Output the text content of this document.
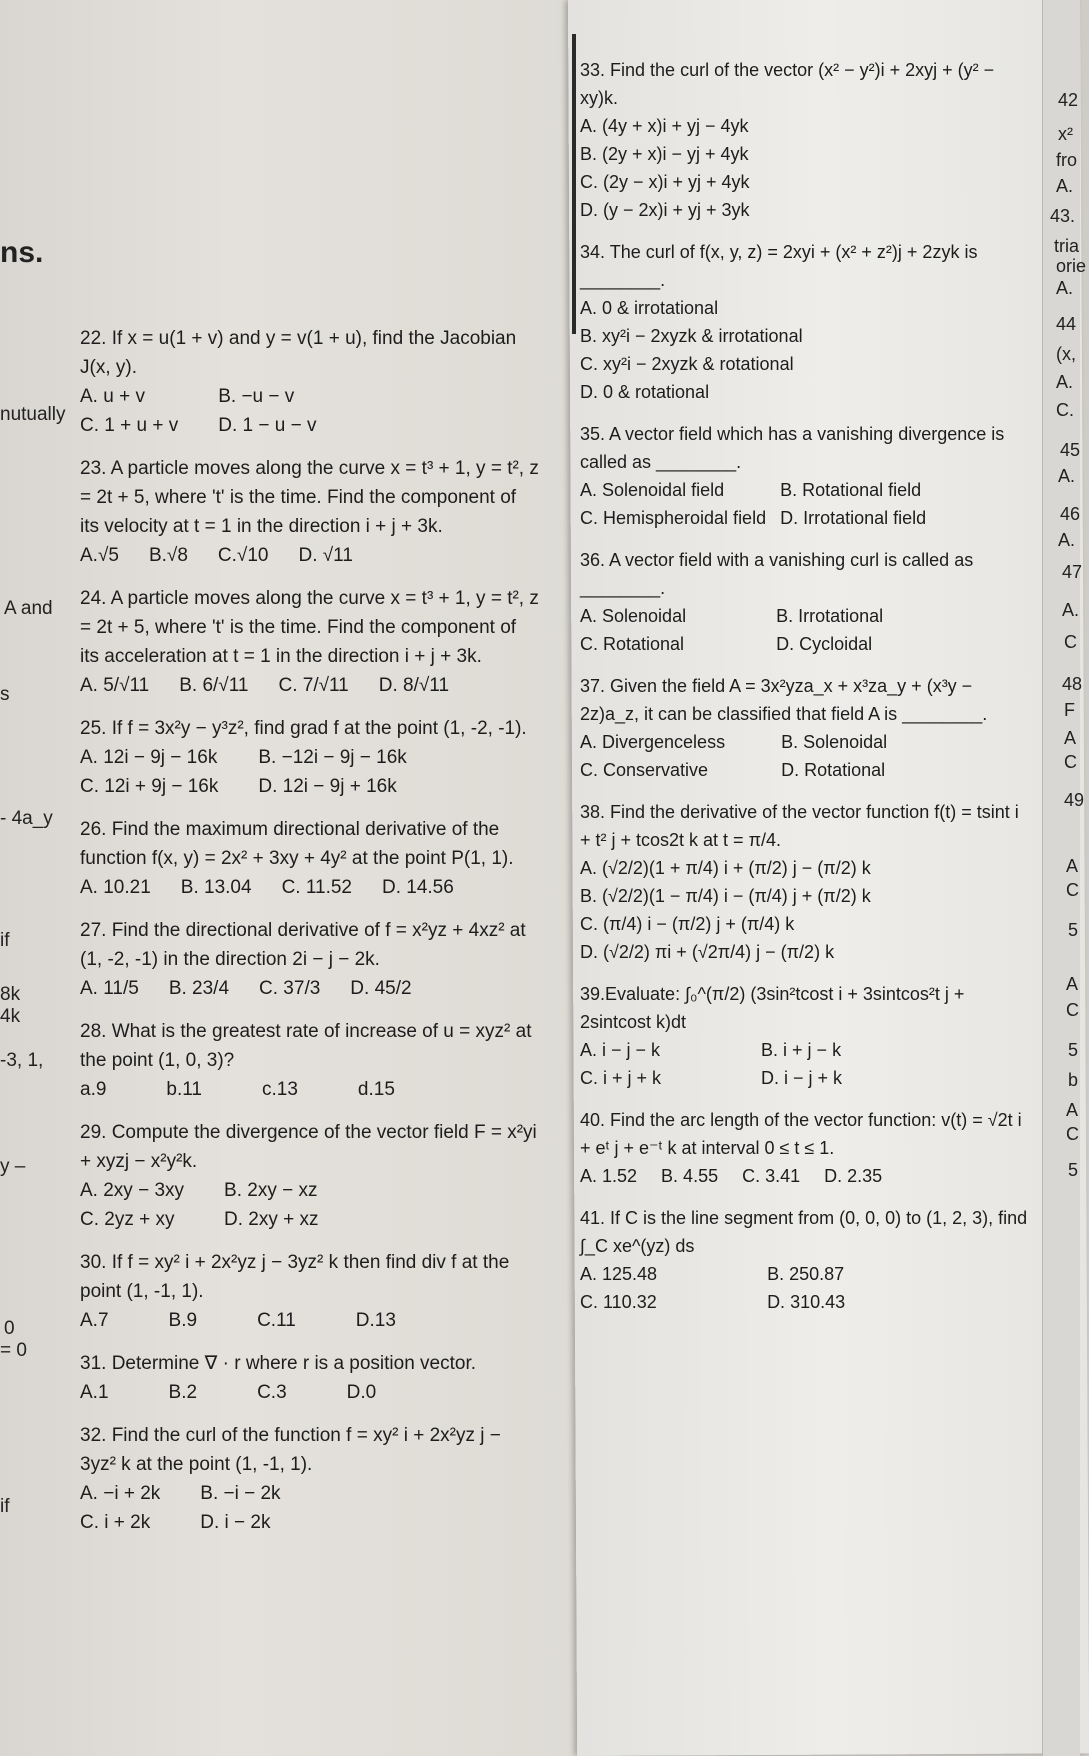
ns.
nutually
A and
s
- 4a_y
if
8k
4k
-3, 1,
y –
0
= 0
if
22. If x = u(1 + v) and y = v(1 + u), find the Jacobian J(x, y).
A. u + v	B. −u − v
C. 1 + u + v D. 1 − u − v
23. A particle moves along the curve x = t³ + 1, y = t², z = 2t + 5, where 't' is the time. Find the component of its velocity at t = 1 in the direction i + j + 3k.
A.√5 B.√8 C.√10 D. √11
24. A particle moves along the curve x = t³ + 1, y = t², z = 2t + 5, where 't' is the time. Find the component of its acceleration at t = 1 in the direction i + j + 3k.
A. 5/√11 B. 6/√11 C. 7/√11 D. 8/√11
25. If f = 3x²y − y³z², find grad f at the point (1, -2, -1).
A. 12i − 9j − 16k B. −12i − 9j − 16k
C. 12i + 9j − 16k D. 12i − 9j + 16k
26. Find the maximum directional derivative of the function f(x, y) = 2x² + 3xy + 4y² at the point P(1, 1).
A. 10.21 B. 13.04 C. 11.52 D. 14.56
27. Find the directional derivative of f = x²yz + 4xz² at (1, -2, -1) in the direction 2i − j − 2k.
A. 11/5 B. 23/4 C. 37/3 D. 45/2
28. What is the greatest rate of increase of u = xyz² at the point (1, 0, 3)?
a.9	b.11	c.13	d.15
29. Compute the divergence of the vector field F = x²yi + xyzj − x²y²k.
A. 2xy − 3xy B. 2xy − xz
C. 2yz + xy	D. 2xy + xz
30. If f = xy² i + 2x²yz j − 3yz² k then find div f at the point (1, -1, 1).
A.7	B.9	C.11	D.13
31. Determine ∇ · r where r is a position vector.
A.1	B.2	C.3	D.0
32. Find the curl of the function f = xy² i + 2x²yz j − 3yz² k at the point (1, -1, 1).
A. −i + 2k B. −i − 2k
C. i + 2k	D. i − 2k
33. Find the curl of the vector (x² − y²)i + 2xyj + (y² − xy)k.
A. (4y + x)i + yj − 4yk
B. (2y + x)i − yj + 4yk
C. (2y − x)i + yj + 4yk
D. (y − 2x)i + yj + 3yk
34. The curl of f(x, y, z) = 2xyi + (x² + z²)j + 2zyk is ________.
A. 0 & irrotational
B. xy²i − 2xyzk & irrotational
C. xy²i − 2xyzk & rotational
D. 0 & rotational
35. A vector field which has a vanishing divergence is called as ________.
A. Solenoidal field	B. Rotational field
C. Hemispheroidal field D. Irrotational field
36. A vector field with a vanishing curl is called as ________.
A. Solenoidal	B. Irrotational
C. Rotational	D. Cycloidal
37. Given the field A = 3x²yza_x + x³za_y + (x³y − 2z)a_z, it can be classified that field A is ________.
A. Divergenceless	B. Solenoidal
C. Conservative	D. Rotational
38. Find the derivative of the vector function f(t) = tsint i + t² j + tcos2t k at t = π/4.
A. (√2/2)(1 + π/4) i + (π/2) j − (π/2) k
B. (√2/2)(1 − π/4) i − (π/4) j + (π/2) k
C. (π/4) i − (π/2) j + (π/4) k
D. (√2/2) πi + (√2π/4) j − (π/2) k
39.Evaluate: ∫₀^(π/2) (3sin²tcost i + 3sintcos²t j + 2sintcost k)dt
A. i − j − k	B. i + j − k
C. i + j + k	D. i − j + k
40. Find the arc length of the vector function: v(t) = √2t i + eᵗ j + e⁻ᵗ k at interval 0 ≤ t ≤ 1.
A. 1.52 B. 4.55 C. 3.41 D. 2.35
41. If C is the line segment from (0, 0, 0) to (1, 2, 3), find ∫_C xe^(yz) ds
A. 125.48	B. 250.87
C. 110.32	D. 310.43
42
x²
fro
A.
43.
tria
orie
A.
44
(x,
A.
C.
45
A.
46
A.
47
A.
C
48
F
A
C
49
A
C
5
A
C
5
b
A
C
5
